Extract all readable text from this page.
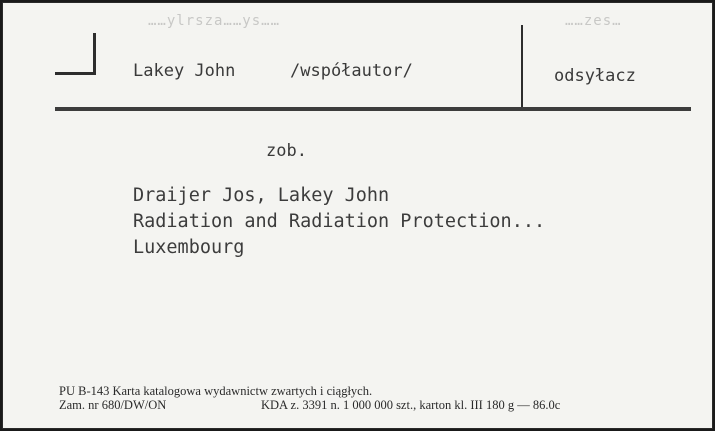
……ylrsza……ys……	……zes…
Lakey John	/współautor/	odsyłacz
zob.
Draijer Jos, Lakey John
Radiation and Radiation Protection...
Luxembourg
PU B-143 Karta katalogowa wydawnictw zwartych i ciągłych.
Zam. nr 680/DW/ON	KDA z. 3391 n. 1 000 000 szt., karton kl. III 180 g — 86.0c
